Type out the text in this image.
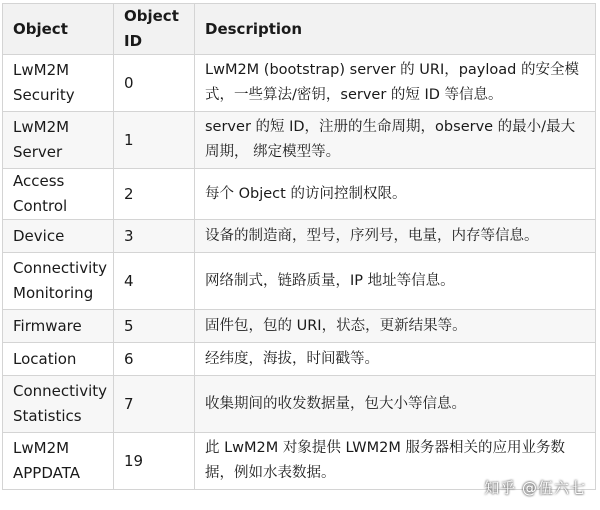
Object	Object ID	Description
LwM2M Security	0	LwM2M (bootstrap) server 的 URI，payload 的安全模式，一些算法/密钥，server 的短 ID 等信息。
LwM2M Server	1	server 的短 ID，注册的生命周期，observe 的最小/最大周期， 绑定模型等。
Access Control	2	每个 Object 的访问控制权限。
Device	3	设备的制造商，型号，序列号，电量，内存等信息。
Connectivity Monitoring	4	网络制式，链路质量，IP 地址等信息。
Firmware	5	固件包，包的 URI，状态，更新结果等。
Location	6	经纬度，海拔，时间戳等。
Connectivity Statistics	7	收集期间的收发数据量，包大小等信息。
LwM2M APPDATA	19	此 LwM2M 对象提供 LWM2M 服务器相关的应用业务数据，例如水表数据。
知乎 @伍六七
